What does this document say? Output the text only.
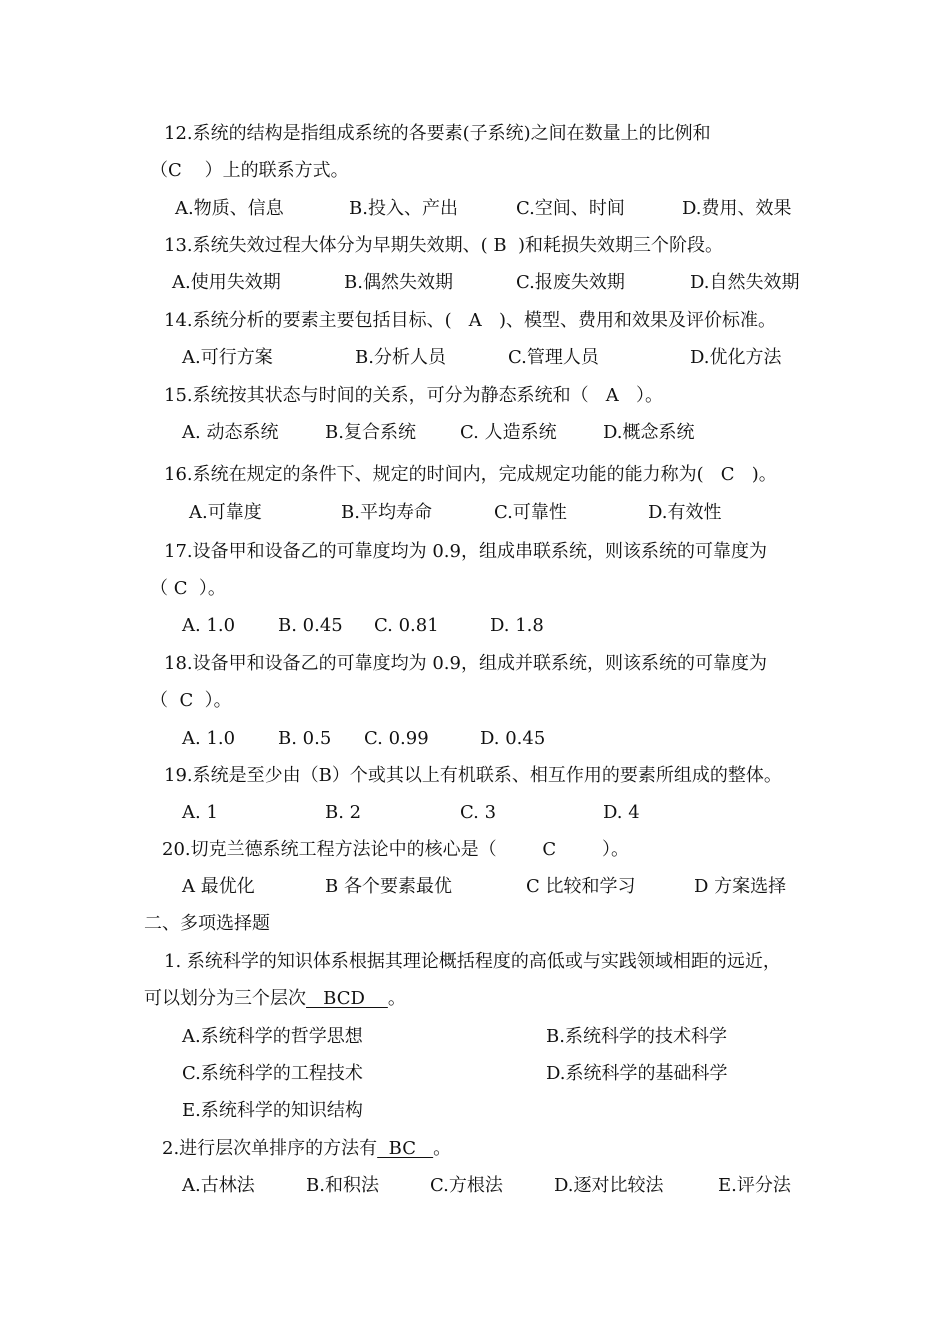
12.系统的结构是指组成系统的各要素(子系统)之间在数量上的比例和
（C    ）上的联系方式。
A.物质、信息	B.投入、产出	C.空间、时间	D.费用、效果
13.系统失效过程大体分为早期失效期、( B  )和耗损失效期三个阶段。
A.使用失效期	B.偶然失效期	C.报废失效期	D.自然失效期
14.系统分析的要素主要包括目标、(   A   )、模型、费用和效果及评价标准。
A.可行方案	B.分析人员	C.管理人员	D.优化方法
15.系统按其状态与时间的关系，可分为静态系统和（   A   ）。
A. 动态系统	B.复合系统 C. 人造系统	D.概念系统
16.系统在规定的条件下、规定的时间内，完成规定功能的能力称为(   C   )。
A.可靠度	B.平均寿命	C.可靠性	D.有效性
17.设备甲和设备乙的可靠度均为 0.9，组成串联系统，则该系统的可靠度为
（ C  ）。
A. 1.0 B. 0.45 C. 0.81	D. 1.8
18.设备甲和设备乙的可靠度均为 0.9，组成并联系统，则该系统的可靠度为
（  C  ）。
A. 1.0 B. 0.5 C. 0.99	D. 0.45
19.系统是至少由（B）个或其以上有机联系、相互作用的要素所组成的整体。
A. 1	B. 2	C. 3	D. 4
20.切克兰德系统工程方法论中的核心是（        C        ）。
A 最优化	B 各个要素最优	C 比较和学习	D 方案选择
二、多项选择题
1. 系统科学的知识体系根据其理论概括程度的高低或与实践领域相距的远近，
可以划分为三个层次   BCD    。
A.系统科学的哲学思想	B.系统科学的技术科学
C.系统科学的工程技术	D.系统科学的基础科学
E.系统科学的知识结构
2.进行层次单排序的方法有  BC   。
A.古林法	B.和积法	C.方根法	D.逐对比较法	E.评分法
